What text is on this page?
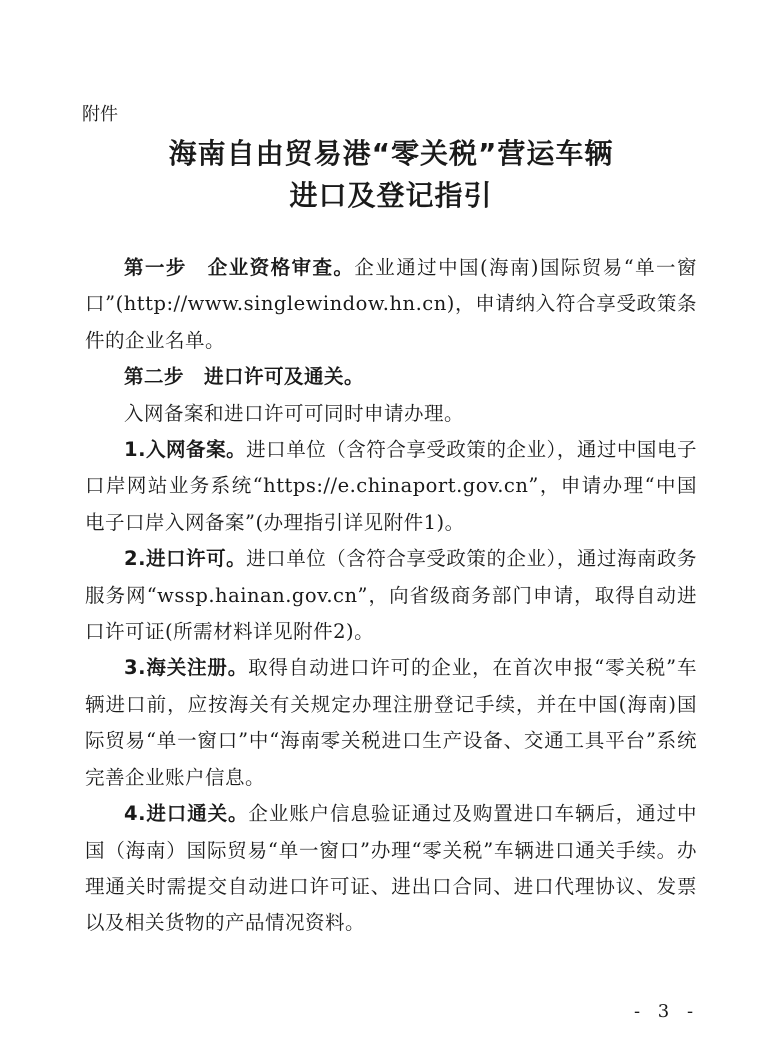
附件
海南自由贸易港“零关税”营运车辆
进口及登记指引

第一步　企业资格审查。企业通过中国(海南)国际贸易“单一窗口”(http://www.singlewindow.hn.cn)，申请纳入符合享受政策条件的企业名单。

第二步　进口许可及通关。

入网备案和进口许可可同时申请办理。

1.入网备案。进口单位（含符合享受政策的企业），通过中国电子口岸网站业务系统“https://e.chinaport.gov.cn”，申请办理“中国电子口岸入网备案”(办理指引详见附件1)。

2.进口许可。进口单位（含符合享受政策的企业），通过海南政务服务网“wssp.hainan.gov.cn”，向省级商务部门申请，取得自动进口许可证(所需材料详见附件2)。

3.海关注册。取得自动进口许可的企业，在首次申报“零关税”车辆进口前，应按海关有关规定办理注册登记手续，并在中国(海南)国际贸易“单一窗口”中“海南零关税进口生产设备、交通工具平台”系统完善企业账户信息。

4.进口通关。企业账户信息验证通过及购置进口车辆后，通过中国（海南）国际贸易“单一窗口”办理“零关税”车辆进口通关手续。办理通关时需提交自动进口许可证、进出口合同、进口代理协议、发票以及相关货物的产品情况资料。

- 3 -
